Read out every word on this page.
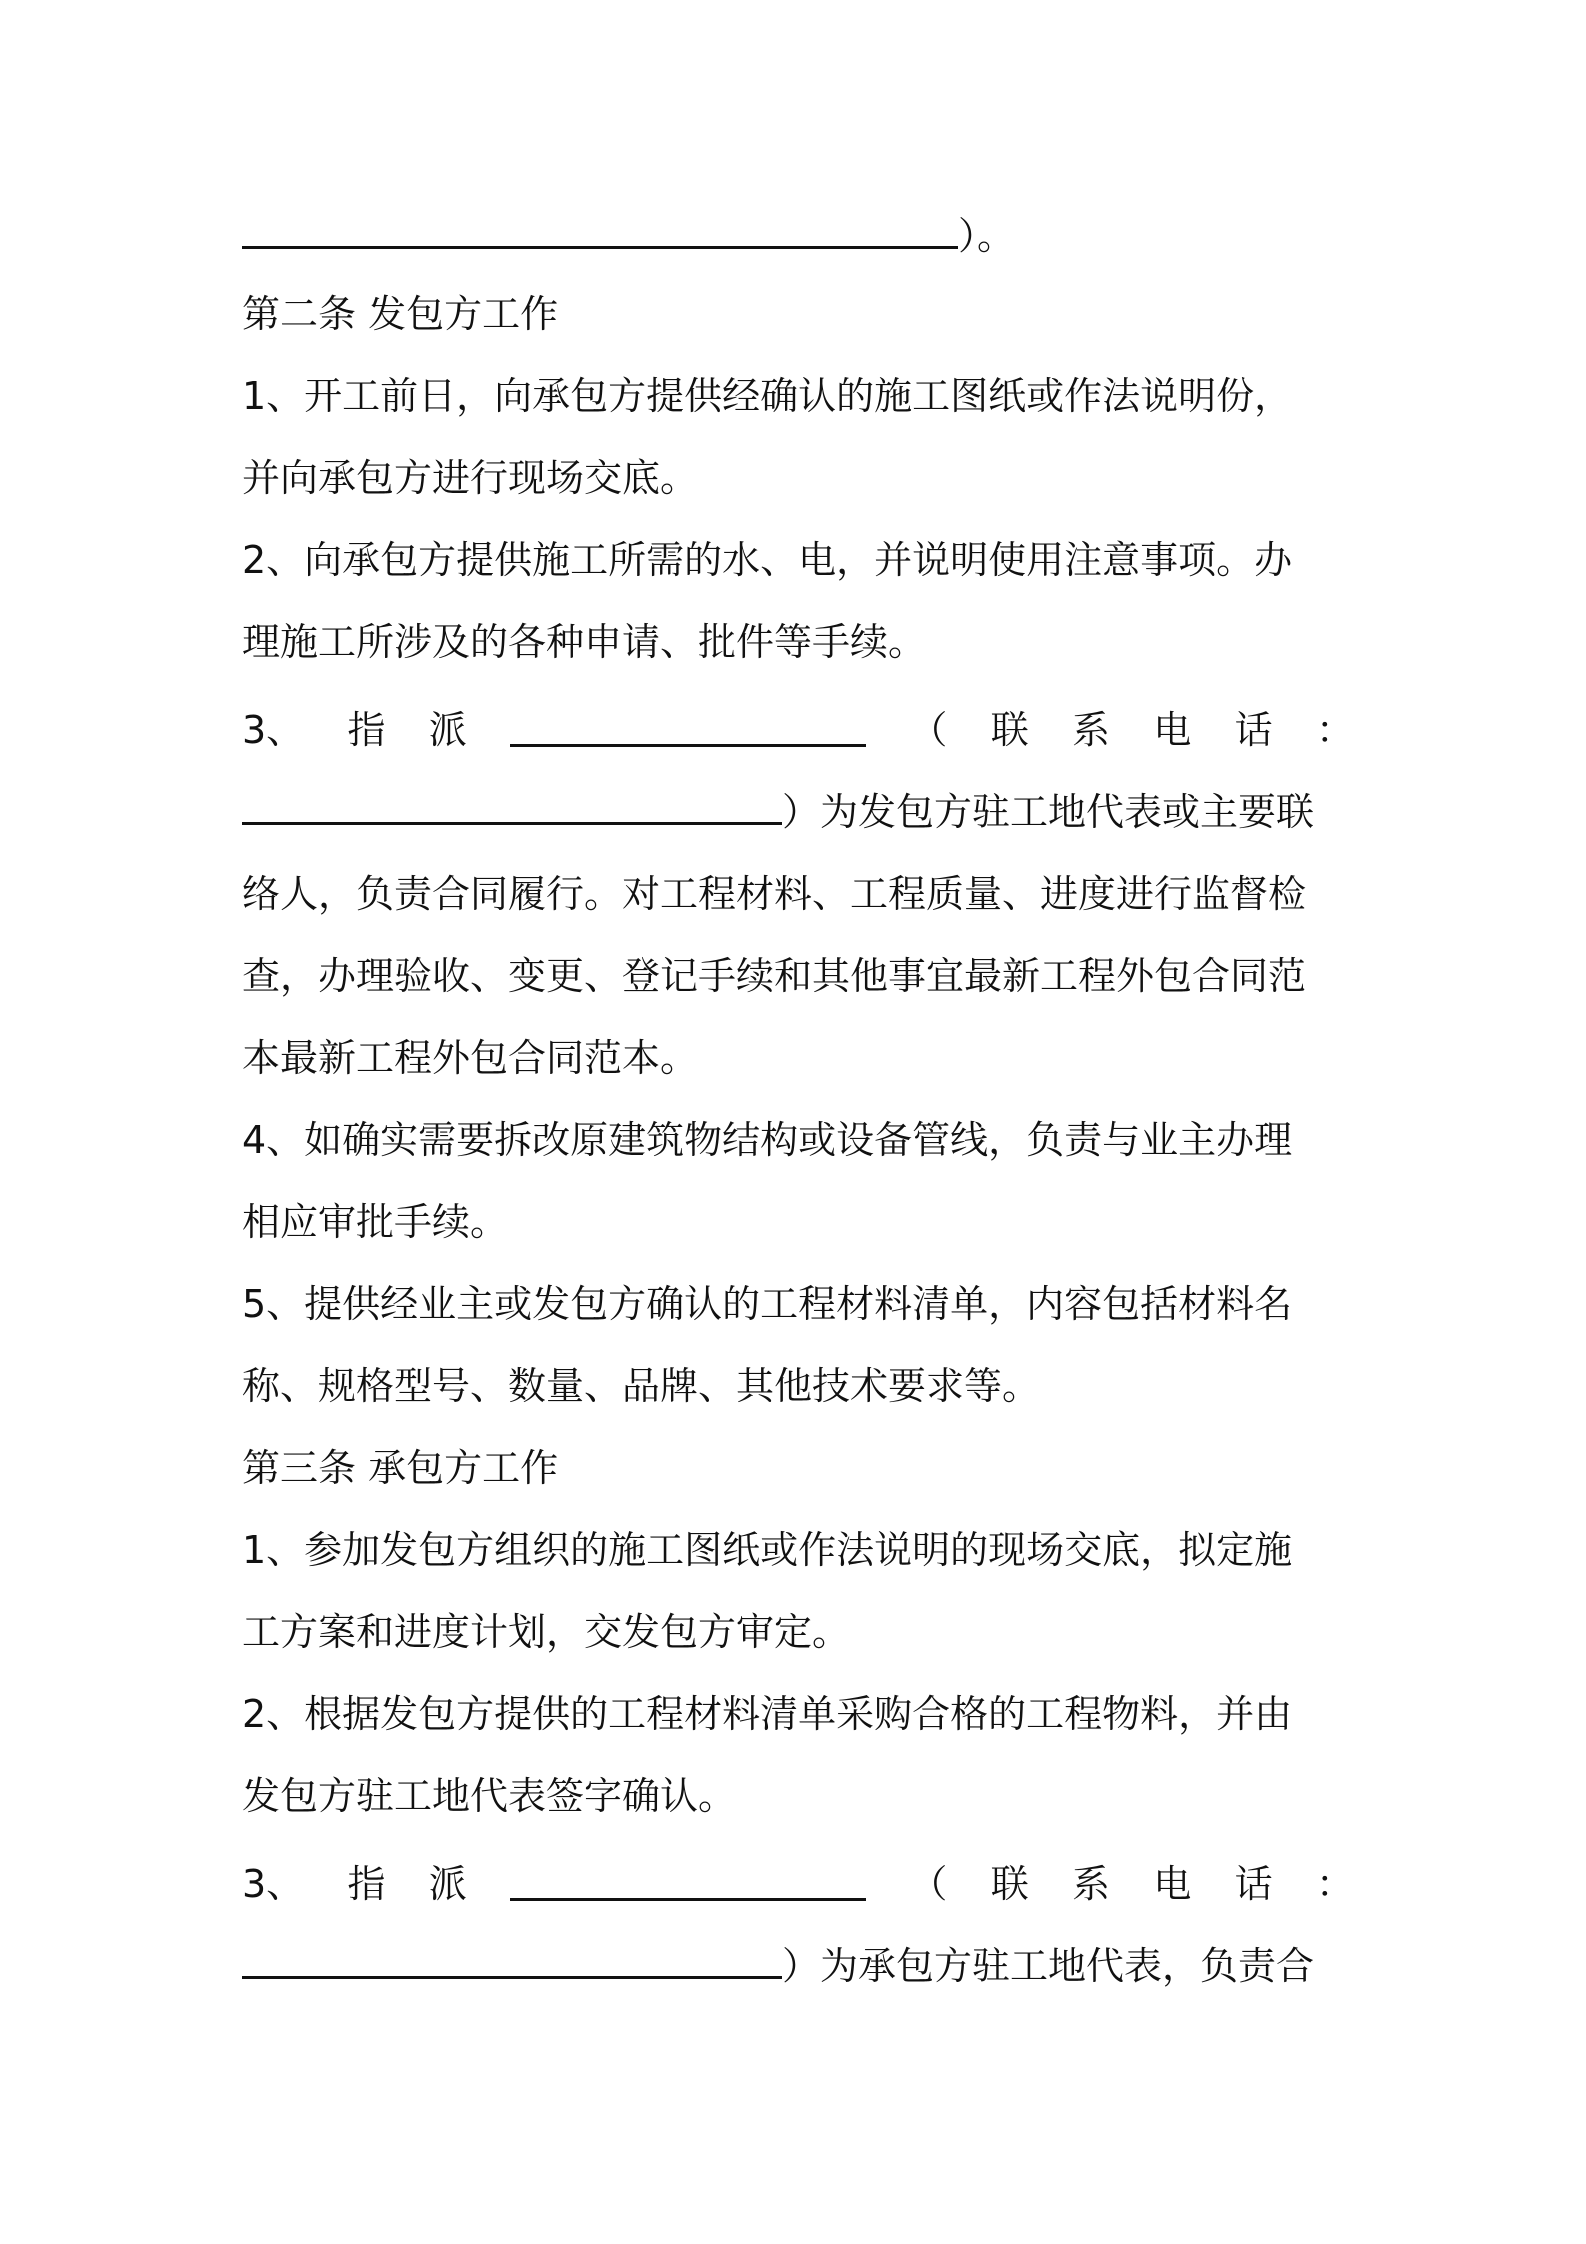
）。
第二条 发包方工作
1、开工前日，向承包方提供经确认的施工图纸或作法说明份，
并向承包方进行现场交底。
2、向承包方提供施工所需的水、电，并说明使用注意事项。办
理施工所涉及的各种申请、批件等手续。
3、 指 派	（ 联 系 电 话 ：
）为发包方驻工地代表或主要联
络人，负责合同履行。对工程材料、工程质量、进度进行监督检
查，办理验收、变更、登记手续和其他事宜最新工程外包合同范
本最新工程外包合同范本。
4、如确实需要拆改原建筑物结构或设备管线，负责与业主办理
相应审批手续。
5、提供经业主或发包方确认的工程材料清单，内容包括材料名
称、规格型号、数量、品牌、其他技术要求等。
第三条 承包方工作
1、参加发包方组织的施工图纸或作法说明的现场交底，拟定施
工方案和进度计划，交发包方审定。
2、根据发包方提供的工程材料清单采购合格的工程物料，并由
发包方驻工地代表签字确认。
3、 指 派	（ 联 系 电 话 ：
）为承包方驻工地代表，负责合
